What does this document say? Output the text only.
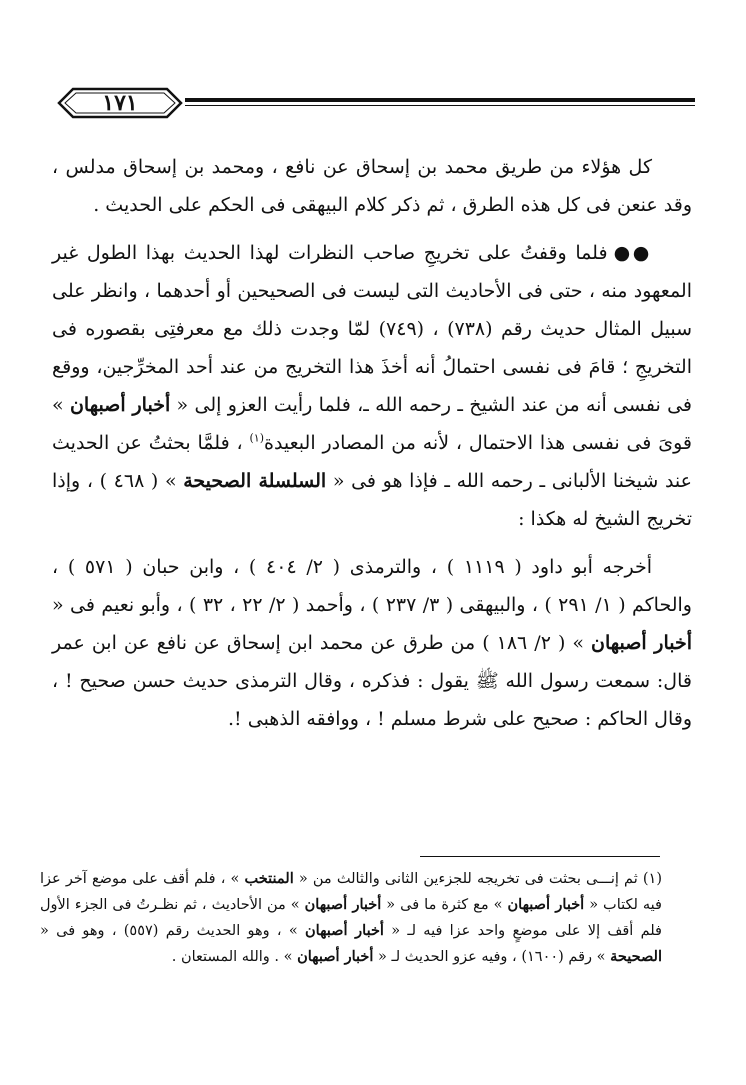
١٧١

كل هؤلاء من طريق محمد بن إسحاق عن نافع ، ومحمد بن إسحاق مدلس ، وقد عنعن فى كل هذه الطرق ، ثم ذكر كلام البيهقى فى الحكم على الحديث .

●● فلما وقفتُ على تخريجِ صاحب النظرات لهذا الحديث بهذا الطول غير المعهود منه ، حتى فى الأحاديث التى ليست فى الصحيحين أو أحدهما ، وانظر على سبيل المثال حديث رقم (٧٣٨) ، (٧٤٩) لمّا وجدت ذلك مع معرفتِى بقصوره فى التخريجِ ؛ قامَ فى نفسى احتمالُ أنه أخذَ هذا التخريج من عند أحد المخرِّجين، ووقع فى نفسى أنه من عند الشيخ ـ رحمه الله ـ، فلما رأيت العزو إلى « أخبار أصبهان » قوىَ فى نفسى هذا الاحتمال ، لأنه من المصادر البعيدة$^{(١)}$ ، فلمَّا بحثتُ عن الحديث عند شيخنا الألبانى ـ رحمه الله ـ فإذا هو فى « السلسلة الصحيحة » ( ٤٦٨ ) ، وإذا تخريج الشيخ له هكذا :

أخرجه أبو داود ( ١١١٩ ) ، والترمذى ( ٢/ ٤٠٤ ) ، وابن حبان ( ٥٧١ ) ، والحاكم ( ١/ ٢٩١ ) ، والبيهقى ( ٣/ ٢٣٧ ) ، وأحمد ( ٢/ ٢٢ ، ٣٢ ) ، وأبو نعيم فى « أخبار أصبهان » ( ٢/ ١٨٦ ) من طرق عن محمد ابن إسحاق عن نافع عن ابن عمر قال: سمعت رسول الله ﷺ يقول : فذكره ، وقال الترمذى حديث حسن صحيح ! ، وقال الحاكم : صحيح على شرط مسلم ! ، ووافقه الذهبى !.

(١) ثم إنـــى بحثت فى تخريجه للجزءين الثانى والثالث من « المنتخب » ، فلم أقف على موضع آخر عزا فيه لكتاب « أخبار أصبهان » مع كثرة ما فى « أخبار أصبهان » من الأحاديث ، ثم نظـرتُ فى الجزء الأول فلم أقف إلا على موضعٍ واحد عزا فيه لـ « أخبار أصبهان » ، وهو الحديث رقم (٥٥٧) ، وهو فى « الصحيحة » رقم (١٦٠٠) ، وفيه عزو الحديث لـ « أخبار أصبهان » . والله المستعان .
